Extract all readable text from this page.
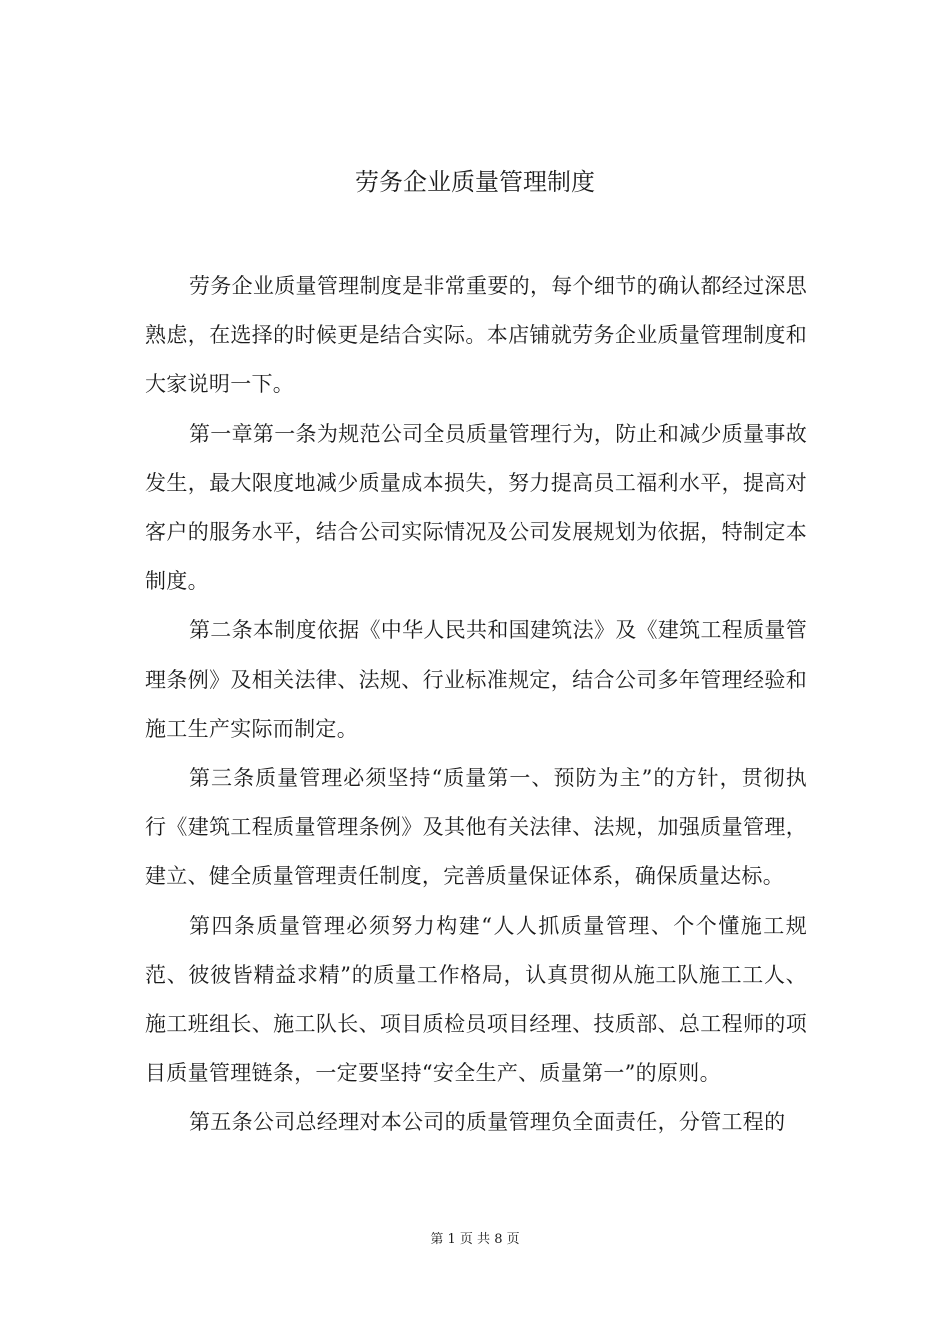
劳务企业质量管理制度

劳务企业质量管理制度是非常重要的，每个细节的确认都经过深思熟虑，在选择的时候更是结合实际。本店铺就劳务企业质量管理制度和大家说明一下。

第一章第一条为规范公司全员质量管理行为，防止和减少质量事故发生，最大限度地减少质量成本损失，努力提高员工福利水平，提高对客户的服务水平，结合公司实际情况及公司发展规划为依据，特制定本制度。

第二条本制度依据《中华人民共和国建筑法》及《建筑工程质量管理条例》及相关法律、法规、行业标准规定，结合公司多年管理经验和施工生产实际而制定。

第三条质量管理必须坚持“质量第一、预防为主”的方针，贯彻执行《建筑工程质量管理条例》及其他有关法律、法规，加强质量管理，建立、健全质量管理责任制度，完善质量保证体系，确保质量达标。

第四条质量管理必须努力构建“人人抓质量管理、个个懂施工规范、彼彼皆精益求精”的质量工作格局，认真贯彻从施工队施工工人、施工班组长、施工队长、项目质检员项目经理、技质部、总工程师的项目质量管理链条，一定要坚持“安全生产、质量第一”的原则。

第五条公司总经理对本公司的质量管理负全面责任，分管工程的

第 1 页 共 8 页
